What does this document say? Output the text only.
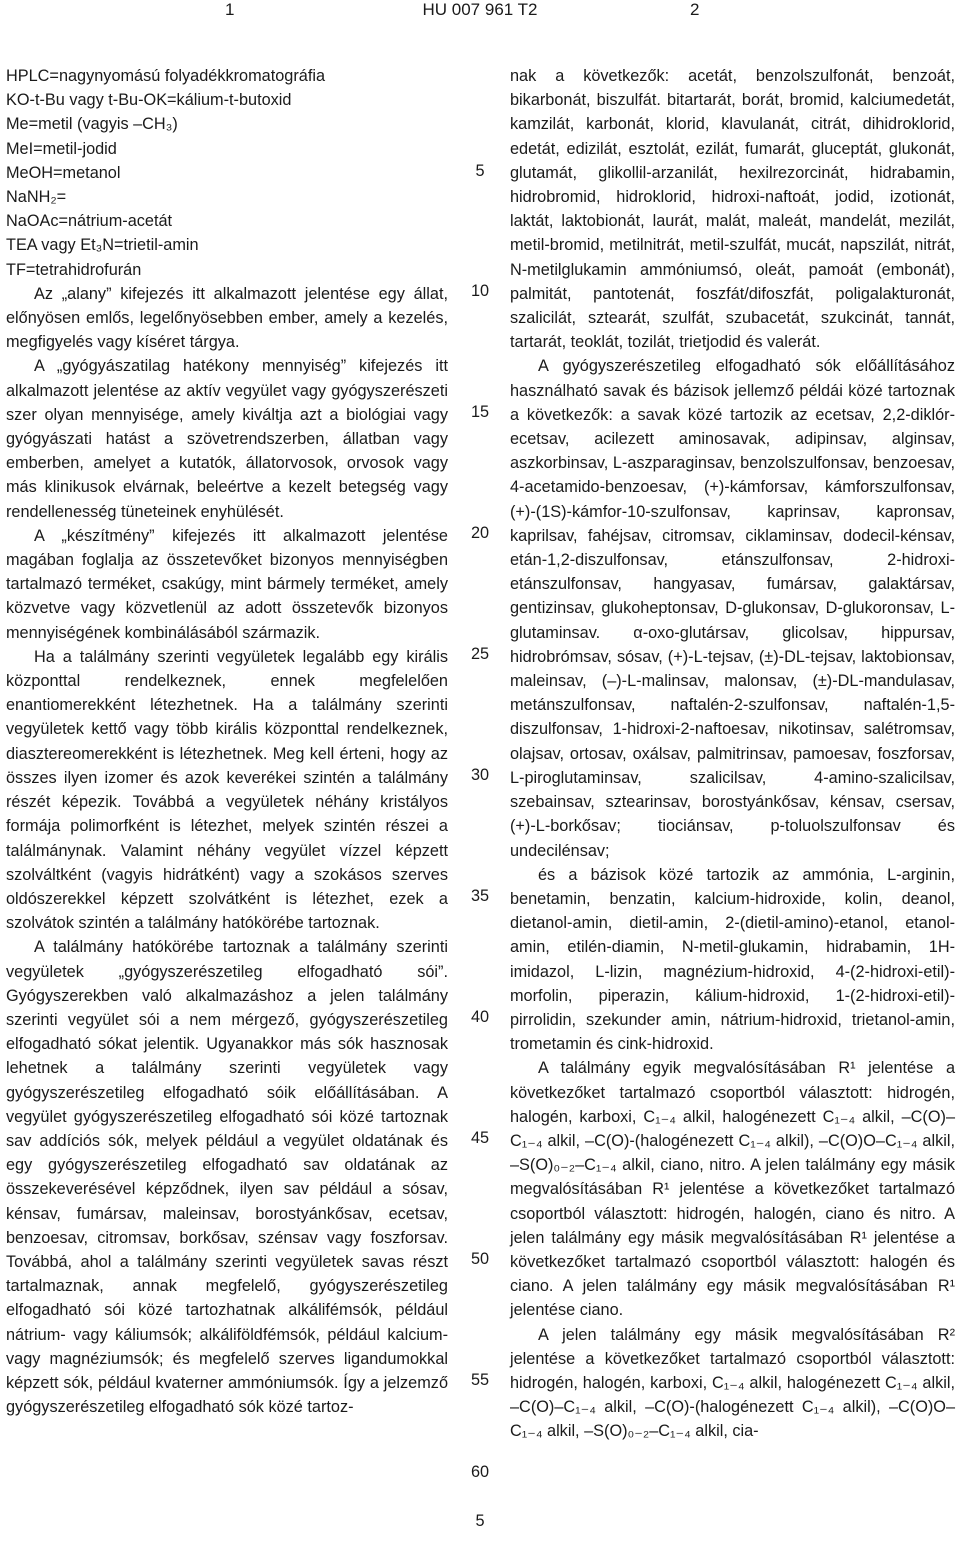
1	HU 007 961 T2	2

HPLC=nagynyomású folyadékkromatográfia

KO-t-Bu vagy t-Bu-OK=kálium-t-butoxid

Me=metil (vagyis –CH₃)

MeI=metil-jodid

MeOH=metanol

NaNH₂=

NaOAc=nátrium-acetát

TEA vagy Et₃N=trietil-amin

TF=tetrahidrofurán

Az „alany” kifejezés itt alkalmazott jelentése egy állat, előnyösen emlős, legelőnyösebben ember, amely a kezelés, megfigyelés vagy kíséret tárgya.

A „gyógyászatilag hatékony mennyiség” kifejezés itt alkalmazott jelentése az aktív vegyület vagy gyógyszerészeti szer olyan mennyisége, amely kiváltja azt a biológiai vagy gyógyászati hatást a szövetrendszerben, állatban vagy emberben, amelyet a kutatók, állatorvosok, orvosok vagy más klinikusok elvárnak, beleértve a kezelt betegség vagy rendellenesség tüneteinek enyhülését.

A „készítmény” kifejezés itt alkalmazott jelentése magában foglalja az összetevőket bizonyos mennyiségben tartalmazó terméket, csakúgy, mint bármely terméket, amely közvetve vagy közvetlenül az adott összetevők bizonyos mennyiségének kombinálásából származik.

Ha a találmány szerinti vegyületek legalább egy királis központtal rendelkeznek, ennek megfelelően enantiomerekként létezhetnek. Ha a találmány szerinti vegyületek kettő vagy több királis központtal rendelkeznek, diasztereomerekként is létezhetnek. Meg kell érteni, hogy az összes ilyen izomer és azok keverékei szintén a találmány részét képezik. Továbbá a vegyületek néhány kristályos formája polimorfként is létezhet, melyek szintén részei a találmánynak. Valamint néhány vegyület vízzel képzett szolváltként (vagyis hidrátként) vagy a szokásos szerves oldószerekkel képzett szolvátként is létezhet, ezek a szolvátok szintén a találmány hatókörébe tartoznak.

A találmány hatókörébe tartoznak a találmány szerinti vegyületek „gyógyszerészetileg elfogadható sói”. Gyógyszerekben való alkalmazáshoz a jelen találmány szerinti vegyület sói a nem mérgező, gyógyszerészetileg elfogadható sókat jelentik. Ugyanakkor más sók hasznosak lehetnek a találmány szerinti vegyületek vagy gyógyszerészetileg elfogadható sóik előállításában. A vegyület gyógyszerészetileg elfogadható sói közé tartoznak sav addíciós sók, melyek például a vegyület oldatának és egy gyógyszerészetileg elfogadható sav oldatának az összekeverésével képződnek, ilyen sav például a sósav, kénsav, fumársav, maleinsav, borostyánkősav, ecetsav, benzoesav, citromsav, borkősav, szénsav vagy foszforsav. Továbbá, ahol a találmány szerinti vegyületek savas részt tartalmaznak, annak megfelelő, gyógyszerészetileg elfogadható sói közé tartozhatnak alkálifémsók, például nátrium- vagy káliumsók; alkáliföldfémsók, például kalcium- vagy magnéziumsók; és megfelelő szerves ligandumokkal képzett sók, például kvaterner ammóniumsók. Így a jelzemző gyógyszerészetileg elfogadható sók közé tartoz-

5
10
15
20
25
30
35
40
45
50
55
60

nak a következők: acetát, benzolszulfonát, benzoát, bikarbonát, biszulfát. bitartarát, borát, bromid, kalciumedetát, kamzilát, karbonát, klorid, klavulanát, citrát, dihidroklorid, edetát, edizilát, esztolát, ezilát, fumarát, gluceptát, glukonát, glutamát, glikollil-arzanilát, hexilrezorcinát, hidrabamin, hidrobromid, hidroklorid, hidroxi-naftoát, jodid, izotionát, laktát, laktobionát, laurát, malát, maleát, mandelát, mezilát, metil-bromid, metilnitrát, metil-szulfát, mucát, napszilát, nitrát, N-metilglukamin ammóniumsó, oleát, pamoát (embonát), palmitát, pantotenát, foszfát/difoszfát, poligalakturonát, szalicilát, sztearát, szulfát, szubacetát, szukcinát, tannát, tartarát, teoklát, tozilát, trietjodid és valerát.

A gyógyszerészetileg elfogadható sók előállításához használható savak és bázisok jellemző példái közé tartoznak a következők: a savak közé tartozik az ecetsav, 2,2-diklór-ecetsav, acilezett aminosavak, adipinsav, alginsav, aszkorbinsav, L-aszparaginsav, benzolszulfonsav, benzoesav, 4-acetamido-benzoesav, (+)-kámforsav, kámforszulfonsav, (+)-(1S)-kámfor-10-szulfonsav, kaprinsav, kapronsav, kaprilsav, fahéjsav, citromsav, ciklaminsav, dodecil-kénsav, etán-1,2-diszulfonsav, etánszulfonsav, 2-hidroxi-etánszulfonsav, hangyasav, fumársav, galaktársav, gentizinsav, glukoheptonsav, D-glukonsav, D-glukoronsav, L-glutaminsav. α-oxo-glutársav, glicolsav, hippursav, hidrobrómsav, sósav, (+)-L-tejsav, (±)-DL-tejsav, laktobionsav, maleinsav, (–)-L-malinsav, malonsav, (±)-DL-mandulasav, metánszulfonsav, naftalén-2-szulfonsav, naftalén-1,5-diszulfonsav, 1-hidroxi-2-naftoesav, nikotinsav, salétromsav, olajsav, ortosav, oxálsav, palmitrinsav, pamoesav, foszforsav, L-piroglutaminsav, szalicilsav, 4-amino-szalicilsav, szebainsav, sztearinsav, borostyánkősav, kénsav, csersav, (+)-L-borkősav; tiociánsav, p-toluolszulfonsav és undecilénsav;

és a bázisok közé tartozik az ammónia, L-arginin, benetamin, benzatin, kalcium-hidroxide, kolin, deanol, dietanol-amin, dietil-amin, 2-(dietil-amino)-etanol, etanol-amin, etilén-diamin, N-metil-glukamin, hidrabamin, 1H-imidazol, L-lizin, magnézium-hidroxid, 4-(2-hidroxi-etil)-morfolin, piperazin, kálium-hidroxid, 1-(2-hidroxi-etil)-pirrolidin, szekunder amin, nátrium-hidroxid, trietanol-amin, trometamin és cink-hidroxid.

A találmány egyik megvalósításában R¹ jelentése a következőket tartalmazó csoportból választott: hidrogén, halogén, karboxi, C₁₋₄ alkil, halogénezett C₁₋₄ alkil, –C(O)–C₁₋₄ alkil, –C(O)-(halogénezett C₁₋₄ alkil), –C(O)O–C₁₋₄ alkil, –S(O)₀₋₂–C₁₋₄ alkil, ciano, nitro. A jelen találmány egy másik megvalósításában R¹ jelentése a következőket tartalmazó csoportból választott: hidrogén, halogén, ciano és nitro. A jelen találmány egy másik megvalósításában R¹ jelentése a következőket tartalmazó csoportból választott: halogén és ciano. A jelen találmány egy másik megvalósításában R¹ jelentése ciano.

A jelen találmány egy másik megvalósításában R² jelentése a következőket tartalmazó csoportból választott: hidrogén, halogén, karboxi, C₁₋₄ alkil, halogénezett C₁₋₄ alkil, –C(O)–C₁₋₄ alkil, –C(O)-(halogénezett C₁₋₄ alkil), –C(O)O–C₁₋₄ alkil, –S(O)₀₋₂–C₁₋₄ alkil, cia-

5
